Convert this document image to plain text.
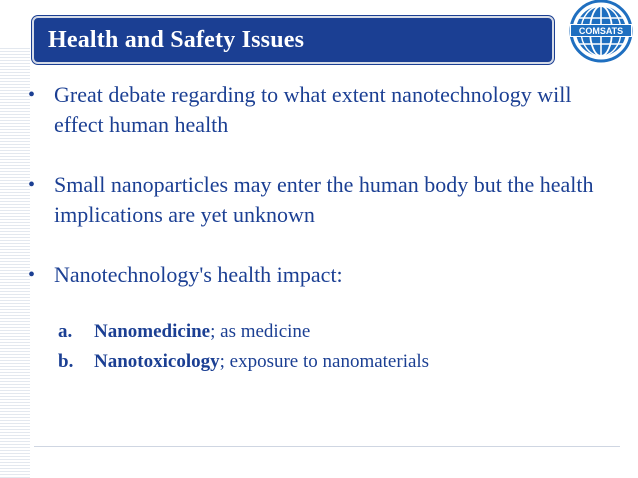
Health and Safety Issues	COMSATS
• Great debate regarding to what extent nanotechnology will effect human health
• Small nanoparticles may enter the human body but the health implications are yet unknown
• Nanotechnology's health impact:
a.	Nanomedicine; as medicine
b.	Nanotoxicology; exposure to nanomaterials
